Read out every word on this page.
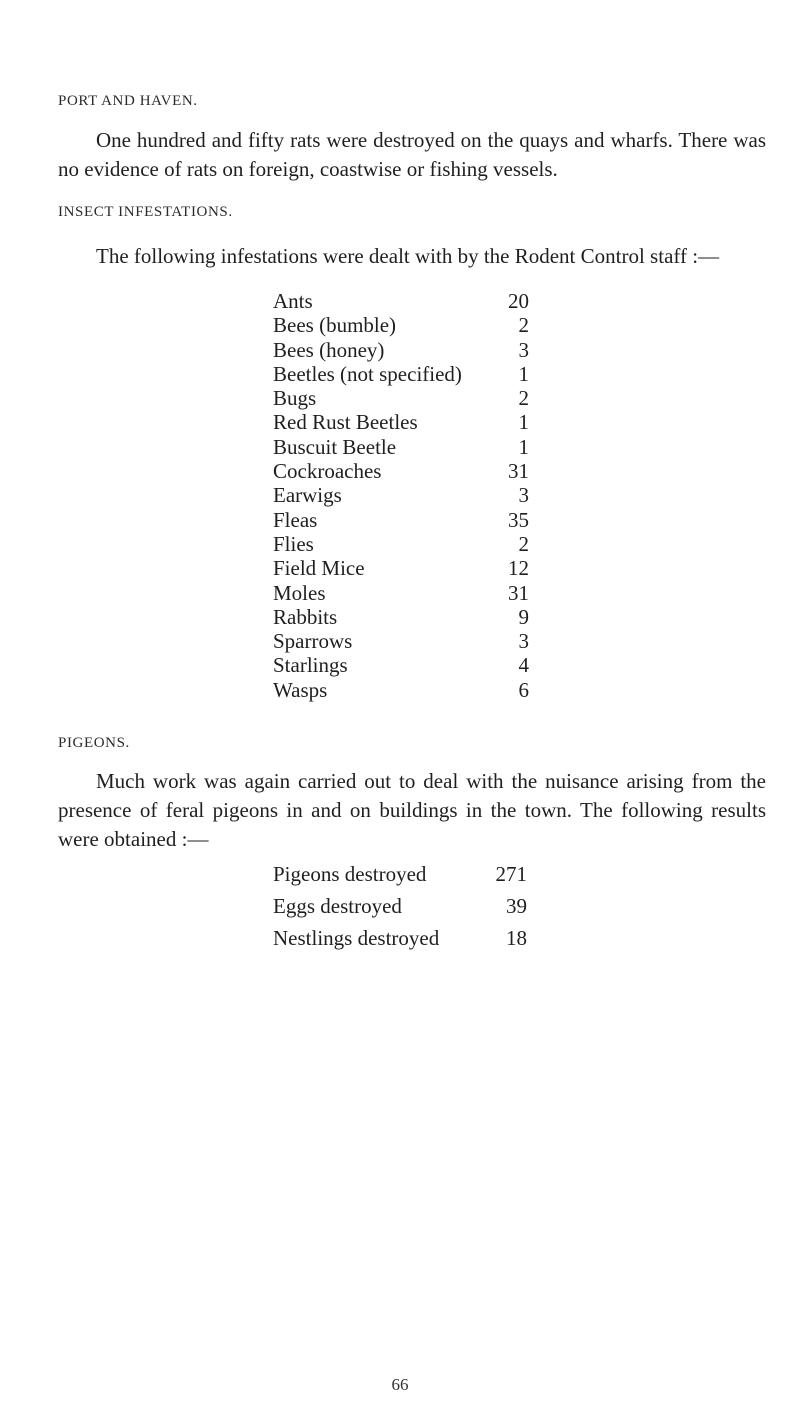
PORT AND HAVEN.

One hundred and fifty rats were destroyed on the quays and wharfs. There was no evidence of rats on foreign, coastwise or fishing vessels.

INSECT INFESTATIONS.

The following infestations were dealt with by the Rodent Control staff :—

Ants	20
Bees (bumble)	2
Bees (honey)	3
Beetles (not specified)	1
Bugs	2
Red Rust Beetles	1
Buscuit Beetle	1
Cockroaches	31
Earwigs	3
Fleas	35
Flies	2
Field Mice	12
Moles	31
Rabbits	9
Sparrows	3
Starlings	4
Wasps	6
PIGEONS.

Much work was again carried out to deal with the nuisance arising from the presence of feral pigeons in and on buildings in the town. The following results were obtained :—

Pigeons destroyed	271
Eggs destroyed	39
Nestlings destroyed	18
66
